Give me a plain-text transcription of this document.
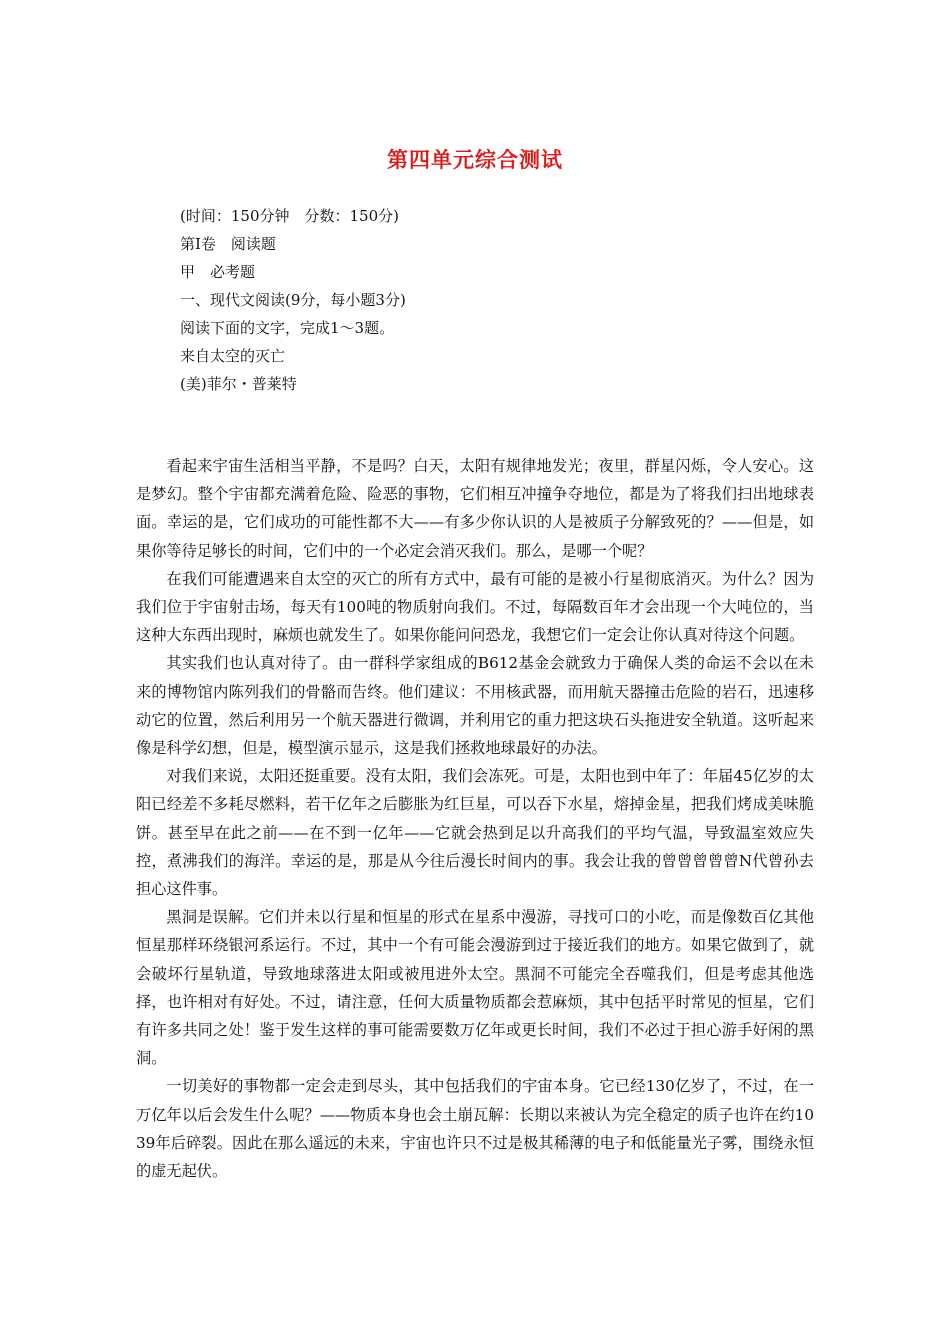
第四单元综合测试
(时间：150分钟　分数：150分)
第Ⅰ卷　阅读题
甲　必考题
一、现代文阅读(9分，每小题3分)
阅读下面的文字，完成1～3题。
来自太空的灭亡
(美)菲尔・普莱特

看起来宇宙生活相当平静，不是吗？白天，太阳有规律地发光；夜里，群星闪烁，令人安心。这是梦幻。整个宇宙都充满着危险、险恶的事物，它们相互冲撞争夺地位，都是为了将我们扫出地球表面。幸运的是，它们成功的可能性都不大——有多少你认识的人是被质子分解致死的？——但是，如果你等待足够长的时间，它们中的一个必定会消灭我们。那么，是哪一个呢？

在我们可能遭遇来自太空的灭亡的所有方式中，最有可能的是被小行星彻底消灭。为什么？因为我们位于宇宙射击场，每天有100吨的物质射向我们。不过，每隔数百年才会出现一个大吨位的，当这种大东西出现时，麻烦也就发生了。如果你能问问恐龙，我想它们一定会让你认真对待这个问题。

其实我们也认真对待了。由一群科学家组成的B612基金会就致力于确保人类的命运不会以在未来的博物馆内陈列我们的骨骼而告终。他们建议：不用核武器，而用航天器撞击危险的岩石，迅速移动它的位置，然后利用另一个航天器进行微调，并利用它的重力把这块石头拖进安全轨道。这听起来像是科学幻想，但是，模型演示显示，这是我们拯救地球最好的办法。

对我们来说，太阳还挺重要。没有太阳，我们会冻死。可是，太阳也到中年了：年届45亿岁的太阳已经差不多耗尽燃料，若干亿年之后膨胀为红巨星，可以吞下水星，熔掉金星，把我们烤成美味脆饼。甚至早在此之前——在不到一亿年——它就会热到足以升高我们的平均气温，导致温室效应失控，煮沸我们的海洋。幸运的是，那是从今往后漫长时间内的事。我会让我的曾曾曾曾曾N代曾孙去担心这件事。

黑洞是误解。它们并未以行星和恒星的形式在星系中漫游，寻找可口的小吃，而是像数百亿其他恒星那样环绕银河系运行。不过，其中一个有可能会漫游到过于接近我们的地方。如果它做到了，就会破坏行星轨道，导致地球落进太阳或被甩进外太空。黑洞不可能完全吞噬我们，但是考虑其他选择，也许相对有好处。不过，请注意，任何大质量物质都会惹麻烦，其中包括平时常见的恒星，它们有许多共同之处！鉴于发生这样的事可能需要数万亿年或更长时间，我们不必过于担心游手好闲的黑洞。

一切美好的事物都一定会走到尽头，其中包括我们的宇宙本身。它已经130亿岁了，不过，在一万亿年以后会发生什么呢？——物质本身也会土崩瓦解：长期以来被认为完全稳定的质子也许在约1039年后碎裂。因此在那么遥远的未来，宇宙也许只不过是极其稀薄的电子和低能量光子雾，围绕永恒的虚无起伏。
